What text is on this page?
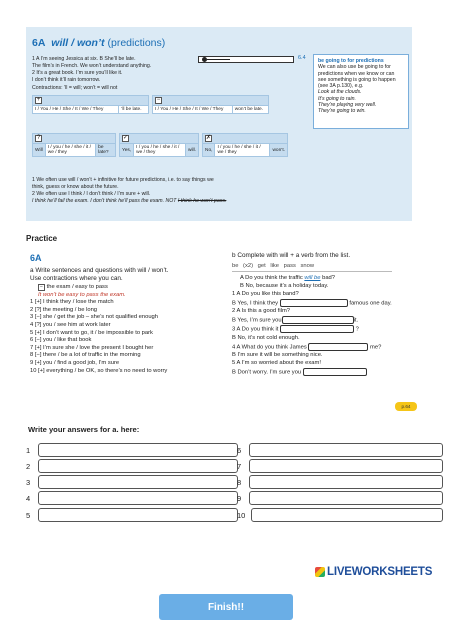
6A will / won’t (predictions)
6.4
1 A I’m seeing Jessica at six. B She’ll be late.
The film’s in French. We won’t understand anything.
2 It’s a great book. I’m sure you’ll like it.
I don’t think it’ll rain tomorrow.
Contractions: ’ll = will; won’t = will not
be going to for predictions
We can also use be going to for
predictions when we know or can
see something is going to happen
(see 3A p.130), e.g.
Look at the clouds.
It’s going to rain.
They’re playing very well.
They’re going to win.
+
I / You / He / She / It / We / They	’ll be late.
−
I / You / He / She / It / We / They	won’t be late.
?
Will	I / you / he / she / it / we / they	be late?
✓
Yes,	I / you / he / she / it / we / they	will.
✗
No,	I / you / he / she / it / we / they	won’t.
1 We often use will / won’t + infinitive for future predictions, i.e. to say things we
think, guess or know about the future.
2 We often use I think / I don’t think / I’m sure + will.
I think he’ll fail the exam. I don’t think he’ll pass the exam. NOT I think he won’t pass.
Practice
6A
a Write sentences and questions with will / won’t.
Use contractions where you can.
− the exam / easy to pass
It won’t be easy to pass the exam.
1 [+] I think they / lose the match
2 [?] the meeting / be long
3 [−] she / get the job – she’s not qualified enough
4 [?] you / see him at work later
5 [+] I don’t want to go, it / be impossible to park
6 [−] you / like that book
7 [+] I’m sure she / love the present I bought her
8 [−] there / be a lot of traffic in the morning
9 [+] you / find a good job, I’m sure
10 [+] everything / be OK, so there’s no need to worry
b Complete with will + a verb from the list.
be (x2) get like pass snow
A Do you think the traffic will be bad?
B No, because it’s a holiday today.
1 A Do you like this band?
B Yes, I think they	famous one day.
2 A Is this a good film?
B Yes, I’m sure you	it.
3 A Do you think it	?
B No, it’s not cold enough.
4 A What do you think James	me?
B I’m sure it will be something nice.
5 A I’m so worried about the exam!
B Don’t worry. I’m sure you
p.64
Write your answers for a. here:
1
2
3
4
5
6
7
8
9
10
LIVEWORKSHEETS
Finish!!
